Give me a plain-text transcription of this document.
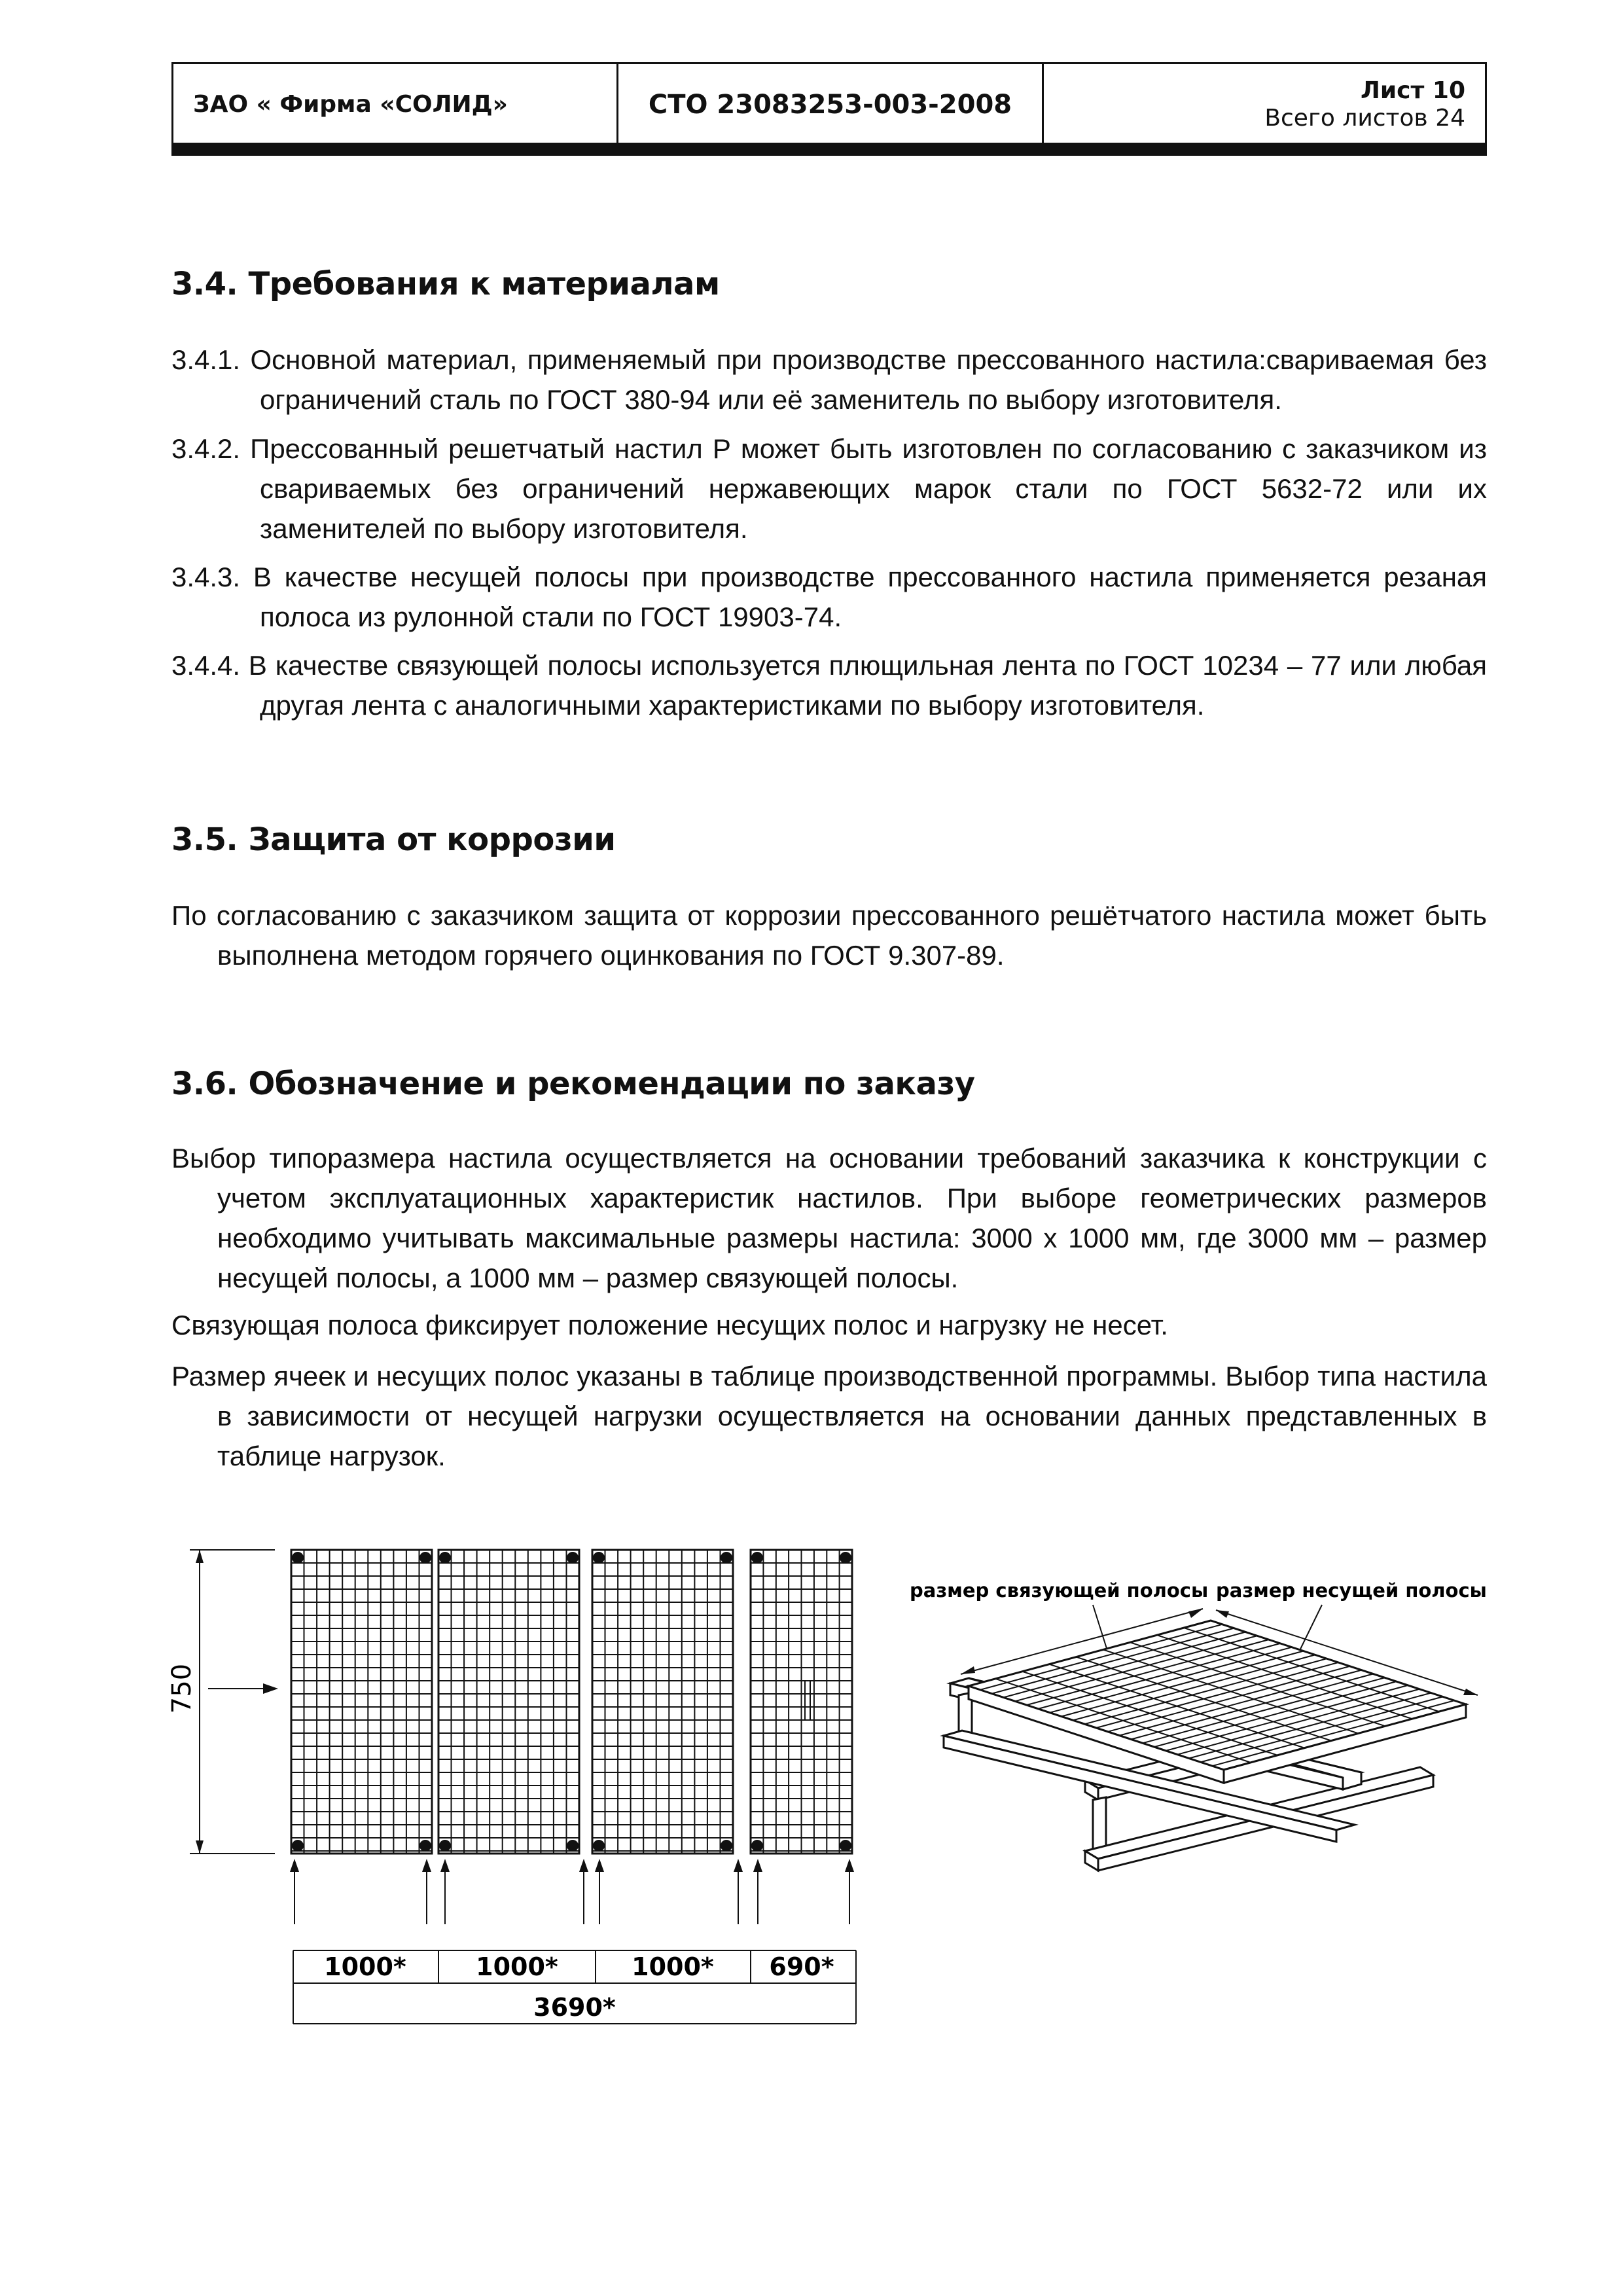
ЗАО « Фирма «СОЛИД»	СТО 23083253-003-2008	Лист 10
Всего листов 24
3.4. Требования к материалам

3.4.1. Основной материал, применяемый при производстве прессованного настила:свариваемая без ограничений сталь по ГОСТ 380-94 или её заменитель по выбору изготовителя.

3.4.2. Прессованный решетчатый настил Р может быть изготовлен по согласованию с заказчиком из свариваемых без ограничений нержавеющих марок стали по ГОСТ 5632-72 или их заменителей по выбору изготовителя.

3.4.3. В качестве несущей полосы при производстве прессованного настила применяется резаная полоса из рулонной стали по ГОСТ 19903-74.

3.4.4. В качестве связующей полосы используется плющильная лента по ГОСТ 10234 – 77 или любая другая лента с аналогичными характеристиками по выбору изготовителя.

3.5. Защита от коррозии

По согласованию с заказчиком защита от коррозии прессованного решётчатого настила может быть выполнена методом горячего оцинкования по ГОСТ 9.307-89.

3.6. Обозначение и рекомендации по заказу

Выбор типоразмера настила осуществляется на основании требований заказчика к конструкции с учетом эксплуатационных характеристик настилов. При выборе геометрических размеров необходимо учитывать максимальные размеры настила: 3000 х 1000 мм, где 3000 мм – размер несущей полосы, а 1000 мм – размер связующей полосы.

Связующая полоса фиксирует положение несущих полос и нагрузку не несет.

Размер ячеек и несущих полос указаны в таблице производственной программы. Выбор типа настила в зависимости от несущей нагрузки осуществляется на основании данных представленных в таблице нагрузок.

750
1000*	1000*	1000* 690*
3690*
размер связующей полосы размер несущей полосы
